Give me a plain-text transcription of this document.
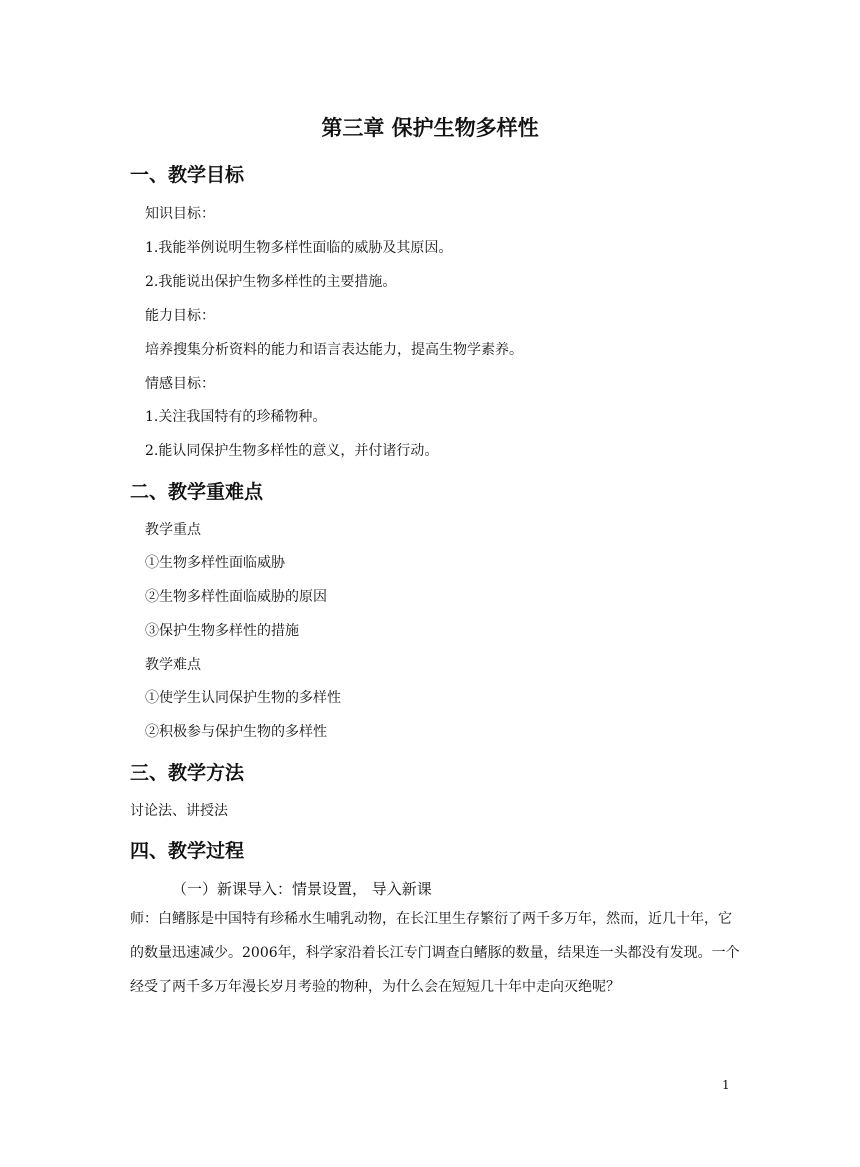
第三章 保护生物多样性
一、教学目标
知识目标：
1.我能举例说明生物多样性面临的威胁及其原因。
2.我能说出保护生物多样性的主要措施。
能力目标：
培养搜集分析资料的能力和语言表达能力，提高生物学素养。
情感目标：
1.关注我国特有的珍稀物种。
2.能认同保护生物多样性的意义，并付诸行动。
二、教学重难点
教学重点
①生物多样性面临威胁
②生物多样性面临威胁的原因
③保护生物多样性的措施
教学难点
①使学生认同保护生物的多样性
②积极参与保护生物的多样性
三、教学方法
讨论法、讲授法
四、教学过程
（一）新课导入：情景设置， 导入新课
师：白鳍豚是中国特有珍稀水生哺乳动物，在长江里生存繁衍了两千多万年，然而，近几十年，它的数量迅速减少。2006年，科学家沿着长江专门调查白鳍豚的数量，结果连一头都没有发现。一个经受了两千多万年漫长岁月考验的物种，为什么会在短短几十年中走向灭绝呢？
1
